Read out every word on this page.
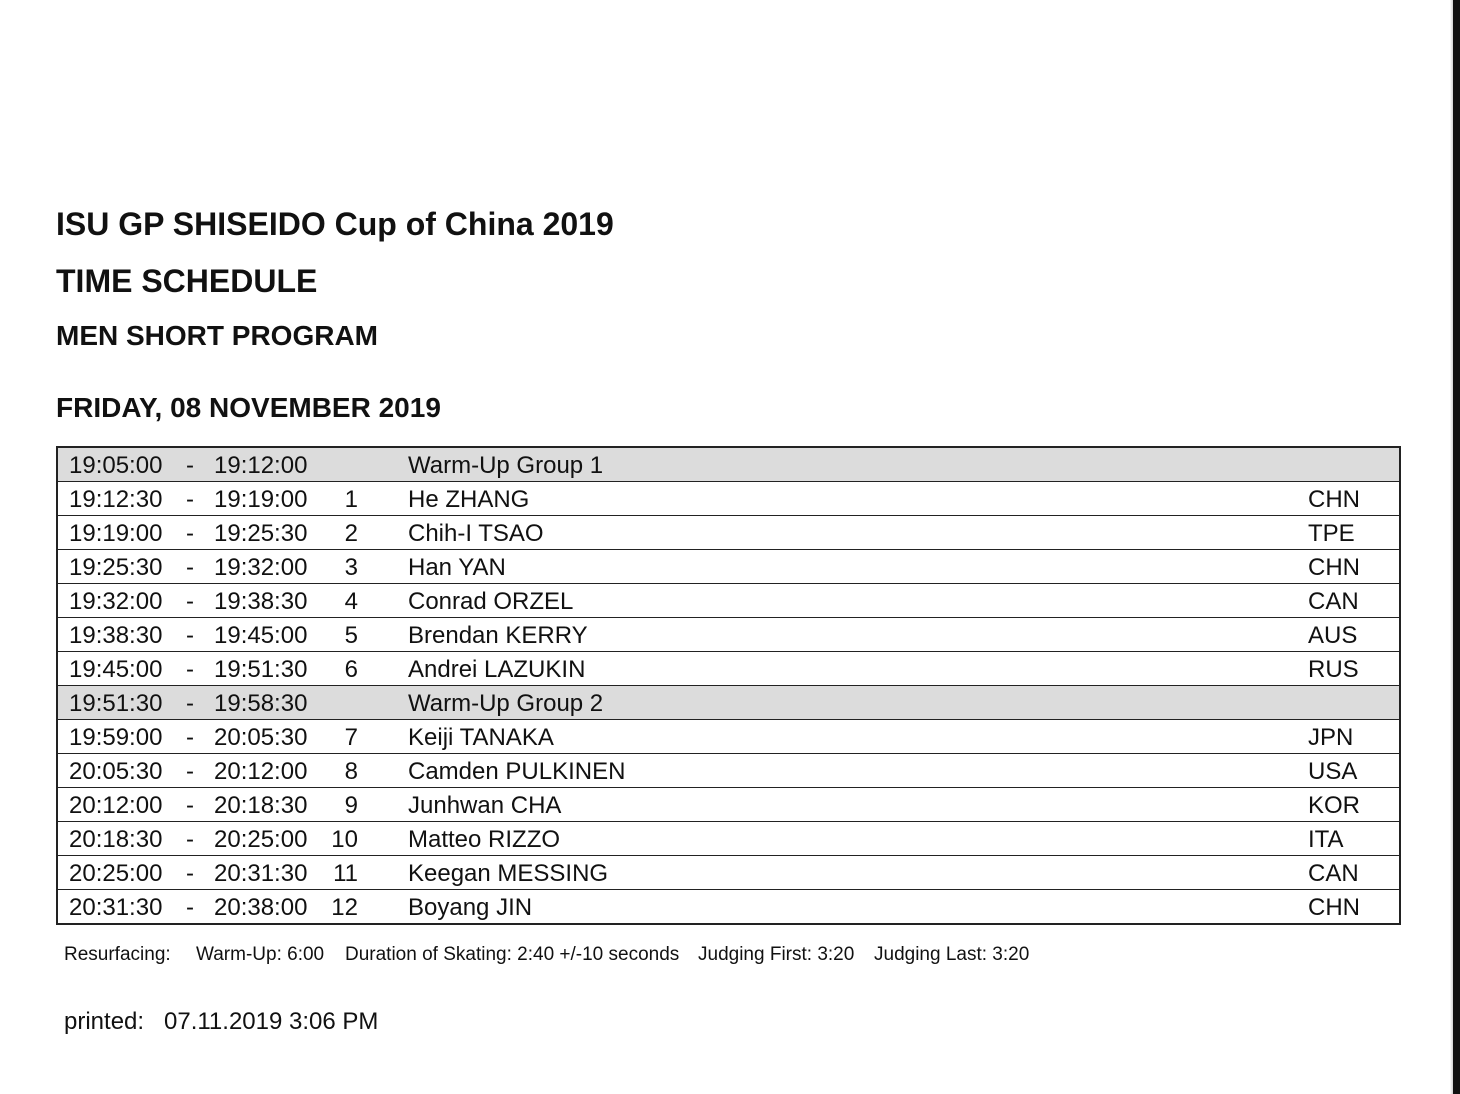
ISU GP SHISEIDO Cup of China 2019
TIME SCHEDULE
MEN SHORT PROGRAM
FRIDAY, 08 NOVEMBER 2019
19:05:00 - 19:12:00	Warm-Up Group 1
19:12:30 - 19:19:00	1 He ZHANG	CHN
19:19:00 - 19:25:30	2 Chih-I TSAO	TPE
19:25:30 - 19:32:00	3 Han YAN	CHN
19:32:00 - 19:38:30	4 Conrad ORZEL	CAN
19:38:30 - 19:45:00	5 Brendan KERRY	AUS
19:45:00 - 19:51:30	6 Andrei LAZUKIN	RUS
19:51:30 - 19:58:30	Warm-Up Group 2
19:59:00 - 20:05:30	7 Keiji TANAKA	JPN
20:05:30 - 20:12:00	8 Camden PULKINEN	USA
20:12:00 - 20:18:30	9 Junhwan CHA	KOR
20:18:30 - 20:25:00 10 Matteo RIZZO	ITA
20:25:00 - 20:31:30	11 Keegan MESSING	CAN
20:31:30 - 20:38:00 12 Boyang JIN	CHN
Resurfacing: Warm-Up: 6:00 Duration of Skating: 2:40 +/-10 seconds Judging First: 3:20 Judging Last: 3:20
printed: 07.11.2019 3:06 PM
